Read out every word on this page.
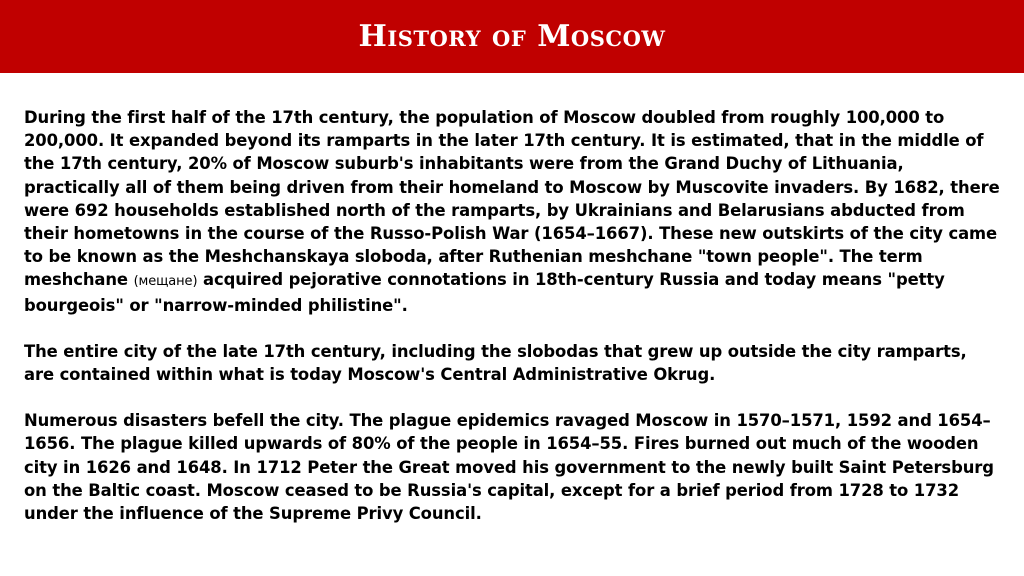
History of Moscow

During the first half of the 17th century, the population of Moscow doubled from roughly 100,000 to 200,000. It expanded beyond its ramparts in the later 17th century. It is estimated, that in the middle of the 17th century, 20% of Moscow suburb's inhabitants were from the Grand Duchy of Lithuania, practically all of them being driven from their homeland to Moscow by Muscovite invaders. By 1682, there were 692 households established north of the ramparts, by Ukrainians and Belarusians abducted from their hometowns in the course of the Russo-Polish War (1654–1667). These new outskirts of the city came to be known as the Meshchanskaya sloboda, after Ruthenian meshchane "town people". The term meshchane (мещане) acquired pejorative connotations in 18th-century Russia and today means "petty bourgeois" or "narrow-minded philistine".

The entire city of the late 17th century, including the slobodas that grew up outside the city ramparts, are contained within what is today Moscow's Central Administrative Okrug.

Numerous disasters befell the city. The plague epidemics ravaged Moscow in 1570–1571, 1592 and 1654–1656. The plague killed upwards of 80% of the people in 1654–55. Fires burned out much of the wooden city in 1626 and 1648. In 1712 Peter the Great moved his government to the newly built Saint Petersburg on the Baltic coast. Moscow ceased to be Russia's capital, except for a brief period from 1728 to 1732 under the influence of the Supreme Privy Council.
